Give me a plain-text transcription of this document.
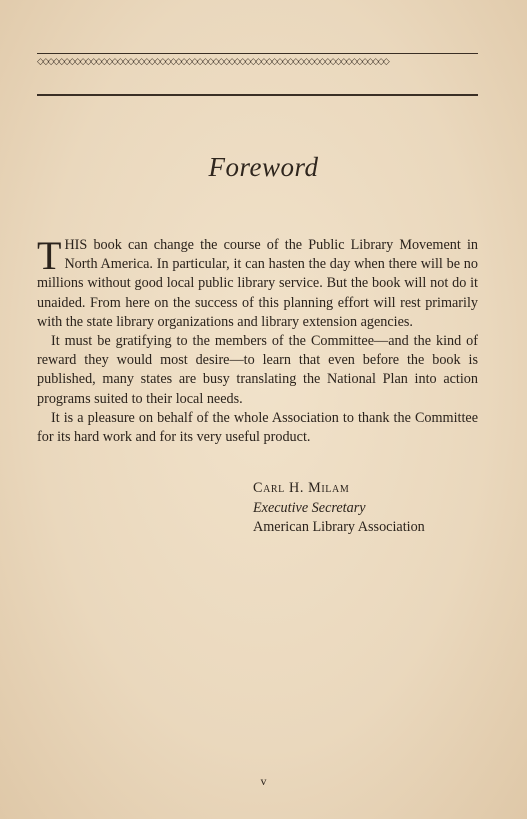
◇◇◇◇◇◇◇◇◇◇◇◇◇◇◇◇◇◇◇◇◇◇◇◇◇◇◇◇◇◇◇◇◇◇◇◇◇◇◇◇◇◇◇◇◇◇◇◇◇◇◇◇◇◇◇◇◇◇◇◇◇◇◇◇◇◇
Foreword

THIS book can change the course of the Public Library Movement in North America. In particular, it can hasten the day when there will be no millions without good local public library service. But the book will not do it unaided. From here on the success of this planning effort will rest primarily with the state library organizations and library extension agencies.

It must be gratifying to the members of the Committee—and the kind of reward they would most desire—to learn that even before the book is published, many states are busy translating the National Plan into action programs suited to their local needs.

It is a pleasure on behalf of the whole Association to thank the Committee for its hard work and for its very useful product.

Carl H. Milam
Executive Secretary
American Library Association
v
